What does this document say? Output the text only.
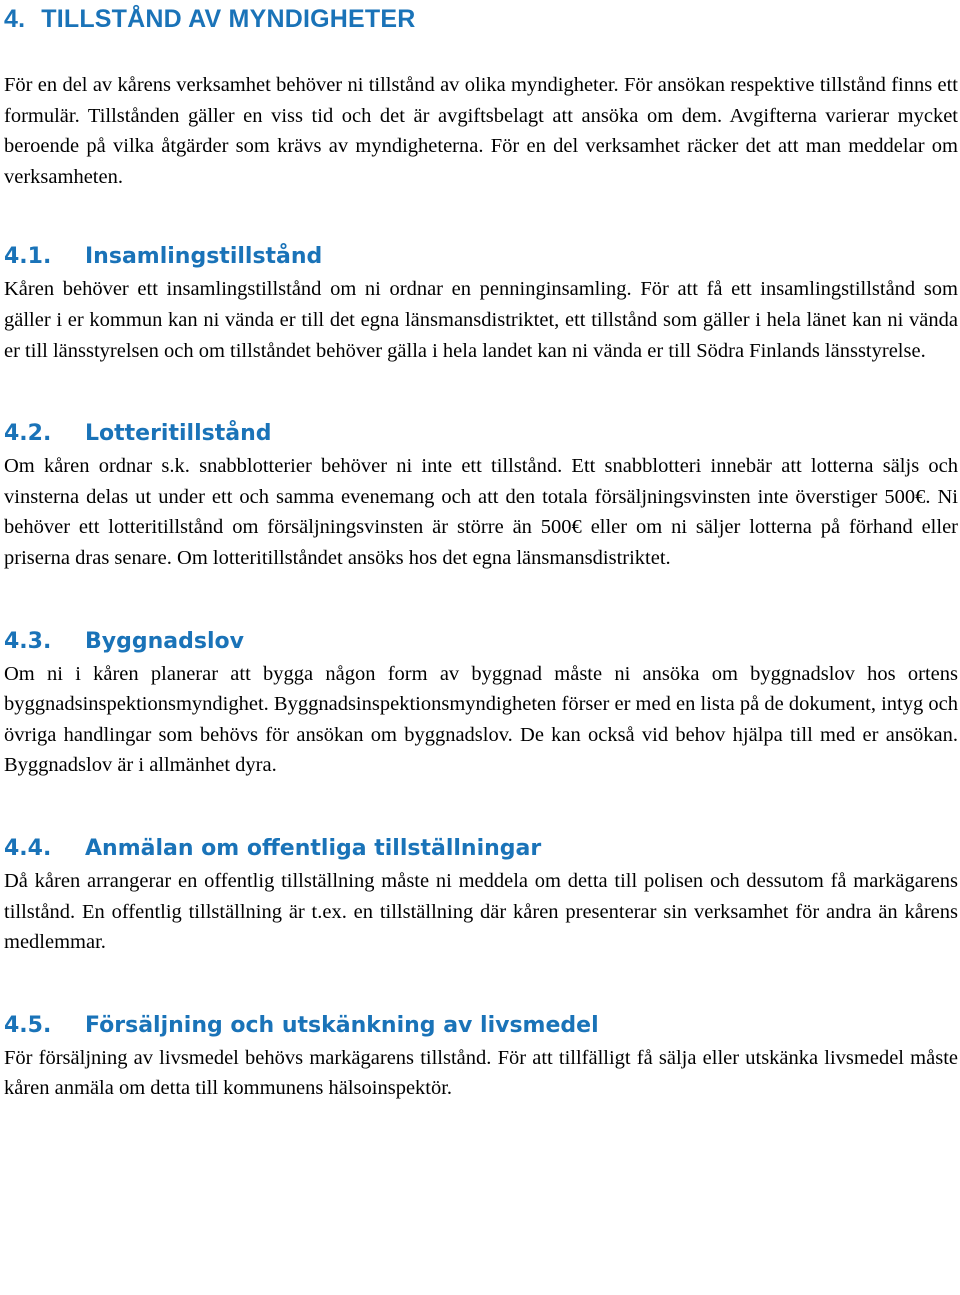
4. TILLSTÅND AV MYNDIGHETER

För en del av kårens verksamhet behöver ni tillstånd av olika myndigheter. För ansökan respektive tillstånd finns ett formulär. Tillstånden gäller en viss tid och det är avgiftsbelagt att ansöka om dem. Avgifterna varierar mycket beroende på vilka åtgärder som krävs av myndigheterna. För en del verksamhet räcker det att man meddelar om verksamheten.

4.1.	Insamlingstillstånd

Kåren behöver ett insamlingstillstånd om ni ordnar en penninginsamling. För att få ett insamlingstillstånd som gäller i er kommun kan ni vända er till det egna länsmansdistriktet, ett tillstånd som gäller i hela länet kan ni vända er till länsstyrelsen och om tillståndet behöver gälla i hela landet kan ni vända er till Södra Finlands länsstyrelse.

4.2.	Lotteritillstånd

Om kåren ordnar s.k. snabblotterier behöver ni inte ett tillstånd. Ett snabblotteri innebär att lotterna säljs och vinsterna delas ut under ett och samma evenemang och att den totala försäljningsvinsten inte överstiger 500€. Ni behöver ett lotteritillstånd om försäljningsvinsten är större än 500€ eller om ni säljer lotterna på förhand eller priserna dras senare. Om lotteritillståndet ansöks hos det egna länsmansdistriktet.

4.3.	Byggnadslov

Om ni i kåren planerar att bygga någon form av byggnad måste ni ansöka om byggnadslov hos ortens byggnadsinspektionsmyndighet. Byggnadsinspektionsmyndigheten förser er med en lista på de dokument, intyg och övriga handlingar som behövs för ansökan om byggnadslov. De kan också vid behov hjälpa till med er ansökan. Byggnadslov är i allmänhet dyra.

4.4.	Anmälan om offentliga tillställningar

Då kåren arrangerar en offentlig tillställning måste ni meddela om detta till polisen och dessutom få markägarens tillstånd. En offentlig tillställning är t.ex. en tillställning där kåren presenterar sin verksamhet för andra än kårens medlemmar.

4.5.	Försäljning och utskänkning av livsmedel

För försäljning av livsmedel behövs markägarens tillstånd. För att tillfälligt få sälja eller utskänka livsmedel måste kåren anmäla om detta till kommunens hälsoinspektör.
